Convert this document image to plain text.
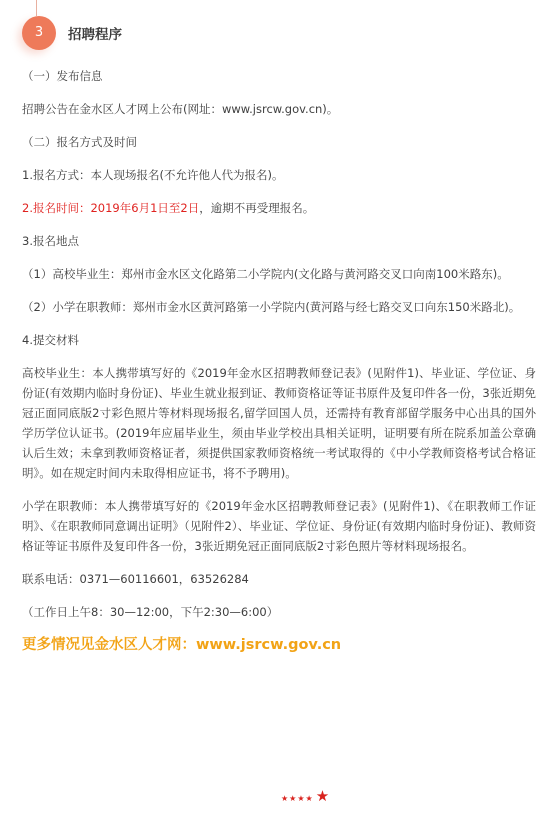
3	招聘程序

（一）发布信息

招聘公告在金水区人才网上公布(网址：www.jsrcw.gov.cn)。

（二）报名方式及时间

1.报名方式：本人现场报名(不允许他人代为报名)。

2.报名时间：2019年6月1日至2日，逾期不再受理报名。

3.报名地点

（1）高校毕业生：郑州市金水区文化路第二小学院内(文化路与黄河路交叉口向南100米路东)。

（2）小学在职教师：郑州市金水区黄河路第一小学院内(黄河路与经七路交叉口向东150米路北)。

4.提交材料

高校毕业生：本人携带填写好的《2019年金水区招聘教师登记表》(见附件1)、毕业证、学位证、身份证(有效期内临时身份证)、毕业生就业报到证、教师资格证等证书原件及复印件各一份，3张近期免冠正面同底版2寸彩色照片等材料现场报名,留学回国人员，还需持有教育部留学服务中心出具的国外学历学位认证书。(2019年应届毕业生，须由毕业学校出具相关证明，证明要有所在院系加盖公章确认后生效；未拿到教师资格证者，须提供国家教师资格统一考试取得的《中小学教师资格考试合格证明》。如在规定时间内未取得相应证书，将不予聘用)。

小学在职教师：本人携带填写好的《2019年金水区招聘教师登记表》(见附件1)、《在职教师工作证明》、《在职教师同意调出证明》（见附件2）、毕业证、学位证、身份证(有效期内临时身份证)、教师资格证等证书原件及复印件各一份，3张近期免冠正面同底版2寸彩色照片等材料现场报名。

联系电话：0371—60116601，63526284

（工作日上午8：30—12:00，下午2:30—6:00）

更多情况见金水区人才网：www.jsrcw.gov.cn

★★★★ ★
